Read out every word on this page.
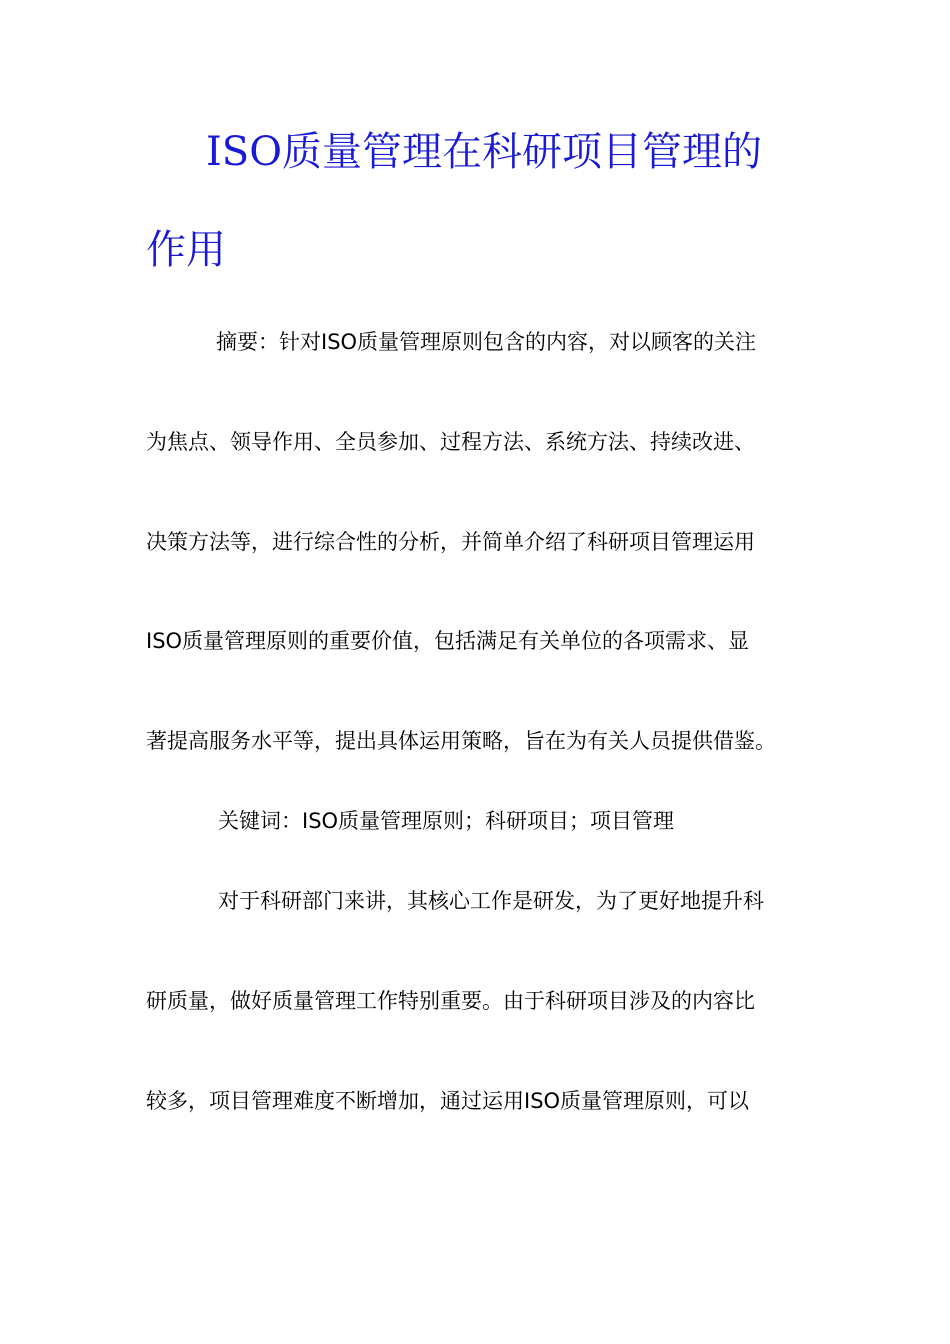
ISO质量管理在科研项目管理的
作用

摘要：针对ISO质量管理原则包含的内容，对以顾客的关注

为焦点、领导作用、全员参加、过程方法、系统方法、持续改进、

决策方法等，进行综合性的分析，并简单介绍了科研项目管理运用

ISO质量管理原则的重要价值，包括满足有关单位的各项需求、显

著提高服务水平等，提出具体运用策略，旨在为有关人员提供借鉴。

关键词：ISO质量管理原则；科研项目；项目管理

对于科研部门来讲，其核心工作是研发，为了更好地提升科

研质量，做好质量管理工作特别重要。由于科研项目涉及的内容比

较多，项目管理难度不断增加，通过运用ISO质量管理原则，可以
